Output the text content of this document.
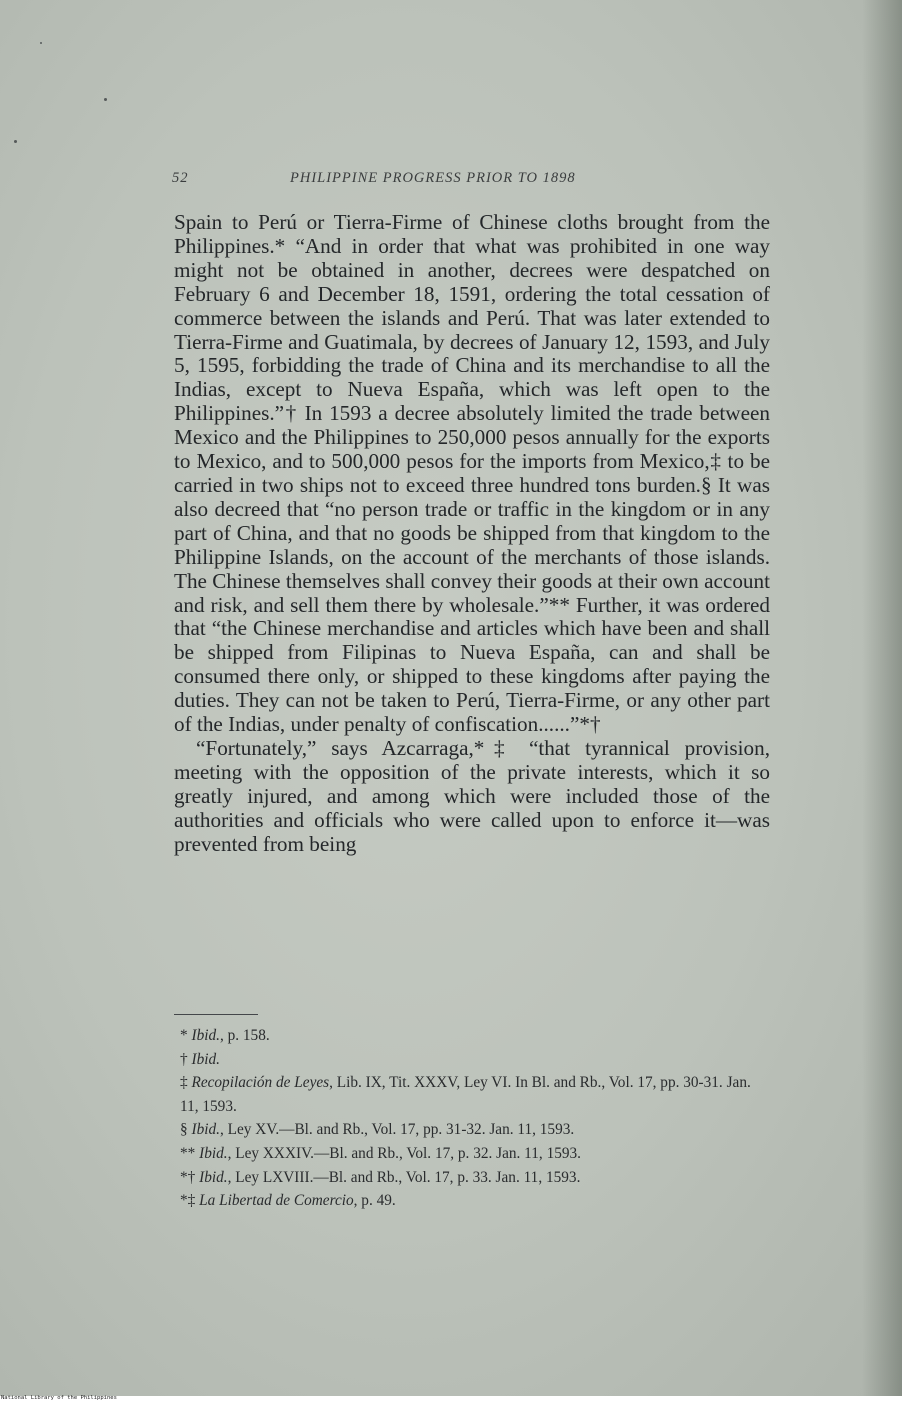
52	PHILIPPINE PROGRESS PRIOR TO 1898

Spain to Perú or Tierra-Firme of Chinese cloths brought from the Philippines.* “And in order that what was prohibited in one way might not be obtained in another, decrees were despatched on February 6 and December 18, 1591, ordering the total cessation of commerce between the islands and Perú. That was later extended to Tierra-Firme and Guatimala, by decrees of January 12, 1593, and July 5, 1595, forbidding the trade of China and its merchandise to all the Indias, except to Nueva España, which was left open to the Philippines.”† In 1593 a decree absolutely limited the trade between Mexico and the Philippines to 250,000 pesos annually for the exports to Mexico, and to 500,000 pesos for the imports from Mexico,‡ to be carried in two ships not to exceed three hundred tons burden.§ It was also decreed that “no person trade or traffic in the kingdom or in any part of China, and that no goods be shipped from that kingdom to the Philippine Islands, on the account of the merchants of those islands. The Chinese themselves shall convey their goods at their own account and risk, and sell them there by wholesale.”** Further, it was ordered that “the Chinese merchandise and articles which have been and shall be shipped from Filipinas to Nueva España, can and shall be consumed there only, or shipped to these kingdoms after paying the duties. They can not be taken to Perú, Tierra-Firme, or any other part of the Indias, under penalty of confiscation......”*†

“Fortunately,” says Azcarraga,*‡ “that tyrannical provision, meeting with the opposition of the private interests, which it so greatly injured, and among which were included those of the authorities and officials who were called upon to enforce it—was prevented from being

* Ibid., p. 158.

† Ibid.

‡ Recopilación de Leyes, Lib. IX, Tit. XXXV, Ley VI. In Bl. and Rb., Vol. 17, pp. 30-31. Jan. 11, 1593.

§ Ibid., Ley XV.—Bl. and Rb., Vol. 17, pp. 31-32. Jan. 11, 1593.

** Ibid., Ley XXXIV.—Bl. and Rb., Vol. 17, p. 32. Jan. 11, 1593.

*† Ibid., Ley LXVIII.—Bl. and Rb., Vol. 17, p. 33. Jan. 11, 1593.

*‡ La Libertad de Comercio, p. 49.

National Library of the Philippines
